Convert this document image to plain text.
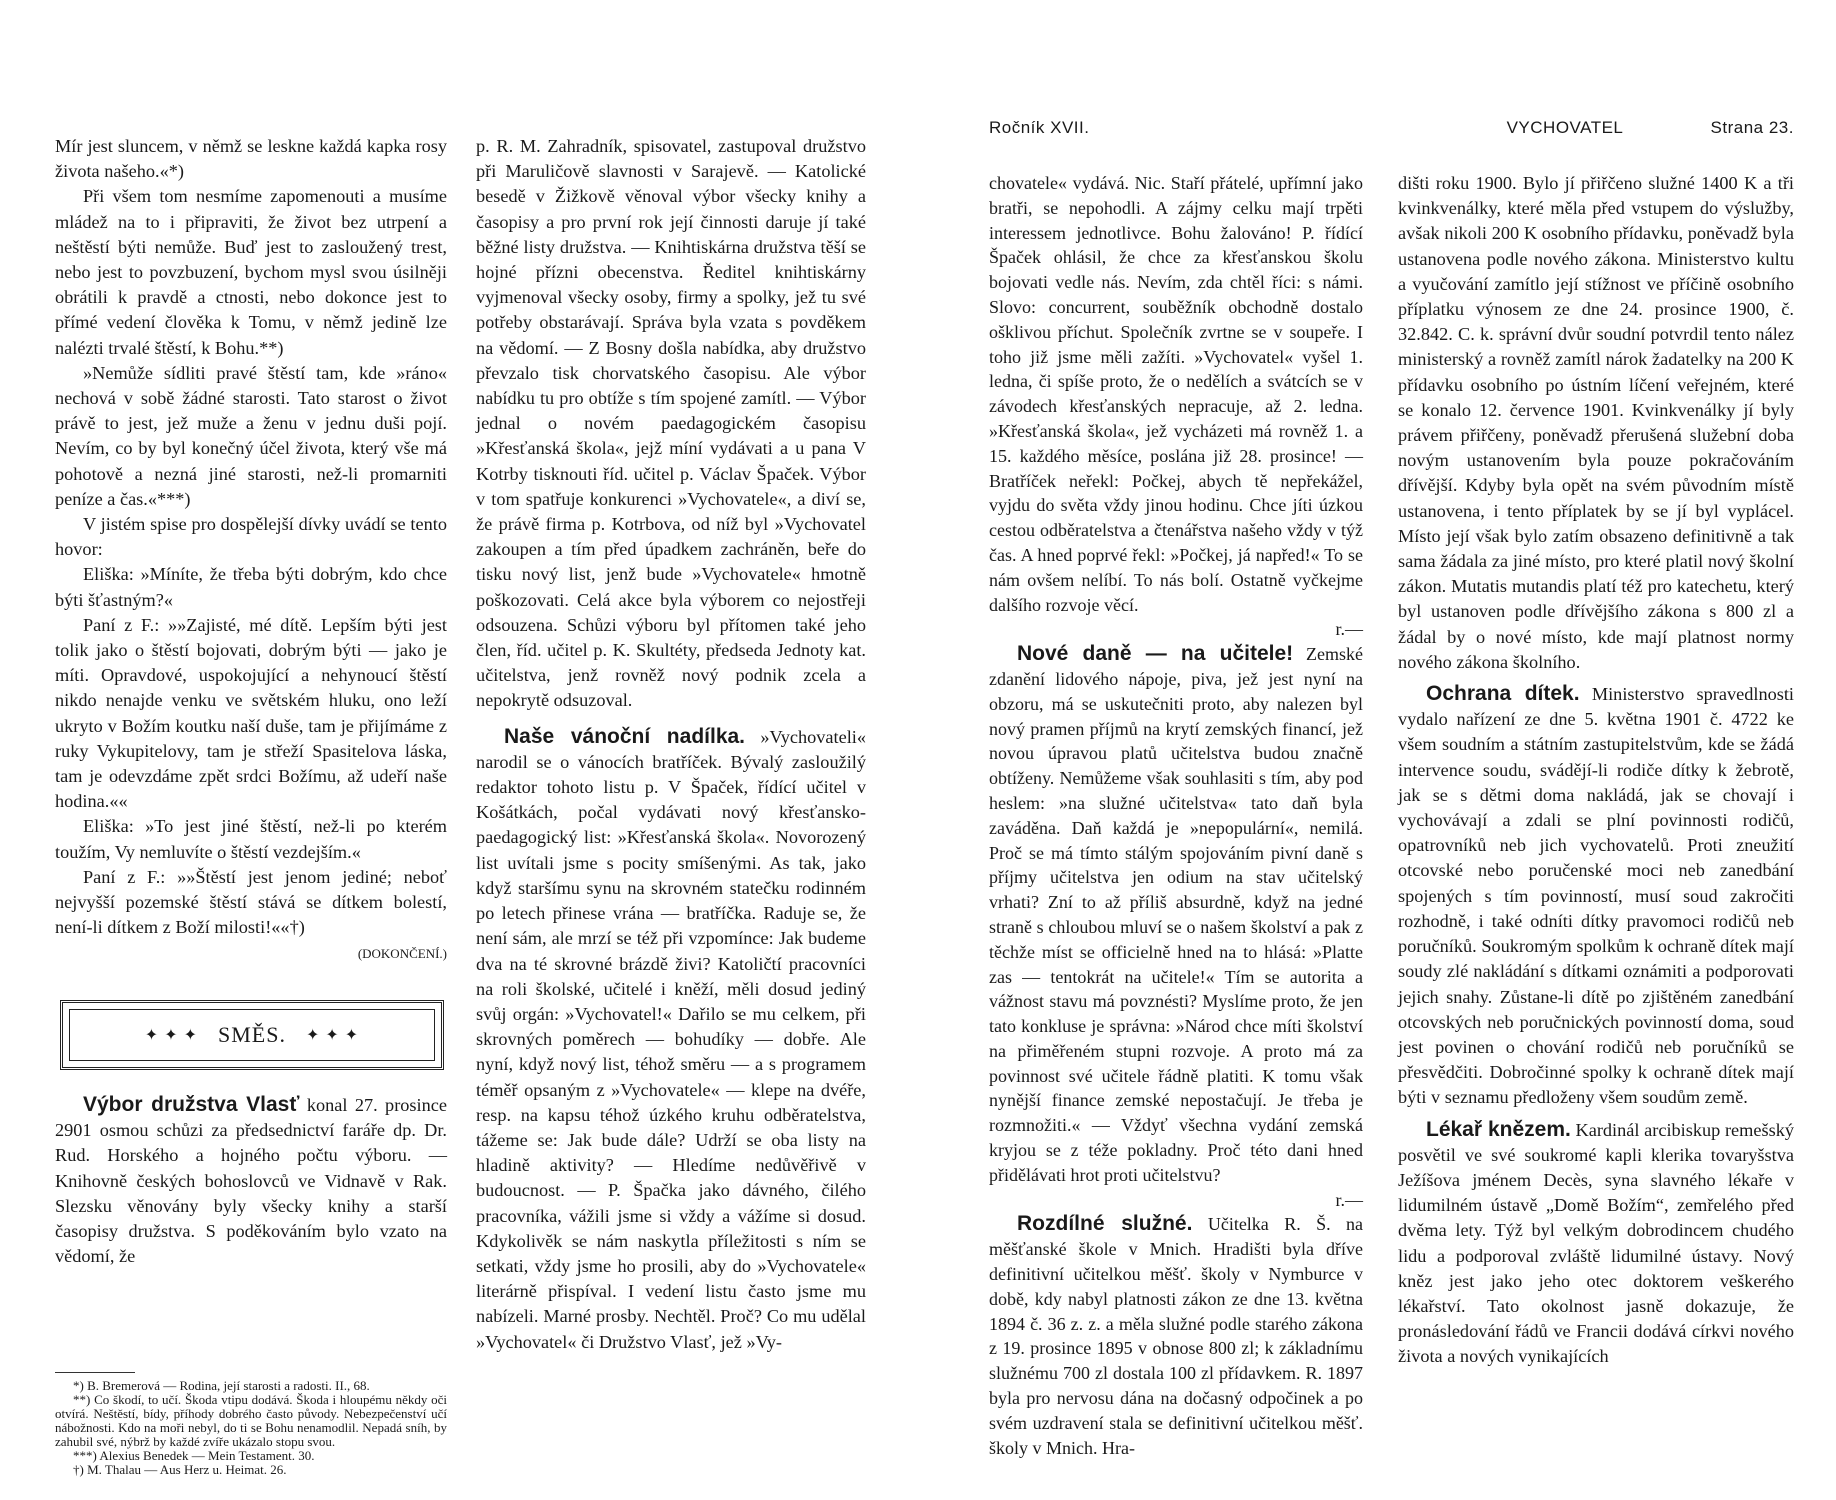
Mír jest sluncem, v němž se leskne každá kapka rosy života našeho.«*)

Při všem tom nesmíme zapomenouti a musíme mládež na to i připraviti, že život bez utrpení a neštěstí býti nemůže. Buď jest to zasloužený trest, nebo jest to povzbuzení, bychom mysl svou úsilněji obrátili k pravdě a ctnosti, nebo dokonce jest to přímé vedení člověka k Tomu, v němž jedině lze nalézti trvalé štěstí, k Bohu.**)

»Nemůže sídliti pravé štěstí tam, kde »ráno« nechová v sobě žádné starosti. Tato starost o život právě to jest, jež muže a ženu v jednu duši pojí. Nevím, co by byl konečný účel života, který vše má pohotově a nezná jiné starosti, než-li promarniti peníze a čas.«***)

V jistém spise pro dospělejší dívky uvádí se tento hovor:

Eliška: »Míníte, že třeba býti dobrým, kdo chce býti šťastným?«

Paní z F.: »»Zajisté, mé dítě. Lepším býti jest tolik jako o štěstí bojovati, dobrým býti — jako je míti. Opravdové, uspokojující a nehynoucí štěstí nikdo nenajde venku ve světském hluku, ono leží ukryto v Božím koutku naší duše, tam je přijímáme z ruky Vykupitelovy, tam je střeží Spasitelova láska, tam je odevzdáme zpět srdci Božímu, až udeří naše hodina.««

Eliška: »To jest jiné štěstí, než-li po kterém toužím, Vy nemluvíte o štěstí vezdejším.«

Paní z F.: »»Štěstí jest jenom jediné; neboť nejvyšší pozemské štěstí stává se dítkem bolestí, není-li dítkem z Boží milosti!««†)

(DOKONČENÍ.)

✦ ✦ ✦ SMĚS. ✦ ✦ ✦

Výbor družstva Vlasť konal 27. prosince 2901 osmou schůzi za předsednictví faráře dp. Dr. Rud. Horského a hojného počtu výboru. — Knihovně českých bohoslovců ve Vidnavě v Rak. Slezsku věnovány byly všecky knihy a starší časopisy družstva. S poděkováním bylo vzato na vědomí, že

*) B. Bremerová — Rodina, její starosti a radosti. II., 68.

**) Co škodí, to učí. Škoda vtipu dodává. Škoda i hloupému někdy oči otvírá. Neštěstí, bídy, příhody dobrého často původy. Nebezpečenství učí nábožnosti. Kdo na moři nebyl, do ti se Bohu nenamodlil. Nepadá sníh, by zahubil své, nýbrž by každé zvíře ukázalo stopu svou.

***) Alexius Benedek — Mein Testament. 30.

†) M. Thalau — Aus Herz u. Heimat. 26.

p. R. M. Zahradník, spisovatel, zastupoval družstvo při Maruličově slavnosti v Sarajevě. — Katolické besedě v Žižkově věnoval výbor všecky knihy a časopisy a pro první rok její činnosti daruje jí také běžné listy družstva. — Knihtiskárna družstva těší se hojné přízni obecenstva. Ředitel knihtiskárny vyjmenoval všecky osoby, firmy a spolky, jež tu své potřeby obstarávají. Správa byla vzata s povděkem na vědomí. — Z Bosny došla nabídka, aby družstvo převzalo tisk chorvatského časopisu. Ale výbor nabídku tu pro obtíže s tím spojené zamítl. — Výbor jednal o novém paedagogickém časopisu »Křesťanská škola«, jejž míní vydávati a u pana V Kotrby tisknouti říd. učitel p. Václav Špaček. Výbor v tom spatřuje konkurenci »Vychovatele«, a diví se, že právě firma p. Kotrbova, od níž byl »Vychovatel zakoupen a tím před úpadkem zachráněn, beře do tisku nový list, jenž bude »Vychovatele« hmotně poškozovati. Celá akce byla výborem co nejostřeji odsouzena. Schůzi výboru byl přítomen také jeho člen, říd. učitel p. K. Skultéty, předseda Jednoty kat. učitelstva, jenž rovněž nový podnik zcela a nepokrytě odsuzoval.

Naše vánoční nadílka. »Vychovateli« narodil se o vánocích bratříček. Bývalý zasloužilý redaktor tohoto listu p. V Špaček, řídící učitel v Košátkách, počal vydávati nový křesťansko-paedagogický list: »Křesťanská škola«. Novorozený list uvítali jsme s pocity smíšenými. As tak, jako když staršímu synu na skrovném statečku rodinném po letech přinese vrána — bratříčka. Raduje se, že není sám, ale mrzí se též při vzpomínce: Jak budeme dva na té skrovné brázdě živi? Katoličtí pracovníci na roli školské, učitelé i kněží, měli dosud jediný svůj orgán: »Vychovatel!« Dařilo se mu celkem, při skrovných poměrech — bohudíky — dobře. Ale nyní, když nový list, téhož směru — a s programem téměř opsaným z »Vychovatele« — klepe na dvéře, resp. na kapsu téhož úzkého kruhu odběratelstva, tážeme se: Jak bude dále? Udrží se oba listy na hladině aktivity? — Hledíme nedůvěřivě v budoucnost. — P. Špačka jako dávného, čilého pracovníka, vážili jsme si vždy a vážíme si dosud. Kdykolivěk se nám naskytla příležitosti s ním se setkati, vždy jsme ho prosili, aby do »Vychovatele« literárně přispíval. I vedení listu často jsme mu nabízeli. Marné prosby. Nechtěl. Proč? Co mu udělal »Vychovatel« či Družstvo Vlasť, jež »Vy-

Ročník XVII.	VYCHOVATEL	Strana 23.

chovatele« vydává. Nic. Staří přátelé, upřímní jako bratři, se nepohodli. A zájmy celku mají trpěti interessem jednotlivce. Bohu žalováno! P. řídící Špaček ohlásil, že chce za křesťanskou školu bojovati vedle nás. Nevím, zda chtěl říci: s námi. Slovo: concurrent, souběžník obchodně dostalo ošklivou příchut. Společník zvrtne se v soupeře. I toho již jsme měli zažíti. »Vychovatel« vyšel 1. ledna, či spíše proto, že o nedělích a svátcích se v závodech křesťanských nepracuje, až 2. ledna. »Křesťanská škola«, jež vycházeti má rovněž 1. a 15. každého měsíce, poslána již 28. prosince! — Bratříček neřekl: Počkej, abych tě nepřekážel, vyjdu do světa vždy jinou hodinu. Chce jíti úzkou cestou odběratelstva a čtenářstva našeho vždy v týž čas. A hned poprvé řekl: »Počkej, já napřed!« To se nám ovšem nelíbí. To nás bolí. Ostatně vyčkejme dalšího rozvoje věcí.

r.—

Nové daně — na učitele! Zemské zdanění lidového nápoje, piva, jež jest nyní na obzoru, má se uskutečniti proto, aby nalezen byl nový pramen příjmů na krytí zemských financí, jež novou úpravou platů učitelstva budou značně obtíženy. Nemůžeme však souhlasiti s tím, aby pod heslem: »na služné učitelstva« tato daň byla zaváděna. Daň každá je »nepopulární«, nemilá. Proč se má tímto stálým spojováním pivní daně s příjmy učitelstva jen odium na stav učitelský vrhati? Zní to až příliš absurdně, když na jedné straně s chloubou mluví se o našem školství a pak z těchže míst se officielně hned na to hlásá: »Platte zas — tentokrát na učitele!« Tím se autorita a vážnost stavu má povznésti? Myslíme proto, že jen tato konkluse je správna: »Národ chce míti školství na přiměřeném stupni rozvoje. A proto má za povinnost své učitele řádně platiti. K tomu však nynější finance zemské nepostačují. Je třeba je rozmnožiti.« — Vždyť všechna vydání zemská kryjou se z téže pokladny. Proč této dani hned přidělávati hrot proti učitelstvu?

r.—

Rozdílné služné. Učitelka R. Š. na měšťanské škole v Mnich. Hradišti byla dříve definitivní učitelkou měšť. školy v Nymburce v době, kdy nabyl platnosti zákon ze dne 13. května 1894 č. 36 z. z. a měla služné podle starého zákona z 19. prosince 1895 v obnose 800 zl; k základnímu služnému 700 zl dostala 100 zl přídavkem. R. 1897 byla pro nervosu dána na dočasný odpočinek a po svém uzdravení stala se definitivní učitelkou měšť. školy v Mnich. Hra-

dišti roku 1900. Bylo jí přiřčeno služné 1400 K a tři kvinkvenálky, které měla před vstupem do výslužby, avšak nikoli 200 K osobního přídavku, poněvadž byla ustanovena podle nového zákona. Ministerstvo kultu a vyučování zamítlo její stížnost ve příčině osobního příplatku výnosem ze dne 24. prosince 1900, č. 32.842. C. k. správní dvůr soudní potvrdil tento nález ministerský a rovněž zamítl nárok žadatelky na 200 K přídavku osobního po ústním líčení veřejném, které se konalo 12. července 1901. Kvinkvenálky jí byly právem přiřčeny, poněvadž přerušená služební doba novým ustanovením byla pouze pokračováním dřívější. Kdyby byla opět na svém původním místě ustanovena, i tento příplatek by se jí byl vyplácel. Místo její však bylo zatím obsazeno definitivně a tak sama žádala za jiné místo, pro které platil nový školní zákon. Mutatis mutandis platí též pro katechetu, který byl ustanoven podle dřívějšího zákona s 800 zl a žádal by o nové místo, kde mají platnost normy nového zákona školního.

Ochrana dítek. Ministerstvo spravedlnosti vydalo nařízení ze dne 5. května 1901 č. 4722 ke všem soudním a státním zastupitelstvům, kde se žádá intervence soudu, svádějí-li rodiče dítky k žebrotě, jak se s dětmi doma nakládá, jak se chovají i vychovávají a zdali se plní povinnosti rodičů, opatrovníků neb jich vychovatelů. Proti zneužití otcovské nebo poručenské moci neb zanedbání spojených s tím povinností, musí soud zakročiti rozhodně, i také odníti dítky pravomoci rodičů neb poručníků. Soukromým spolkům k ochraně dítek mají soudy zlé nakládání s dítkami oznámiti a podporovati jejich snahy. Zůstane-li dítě po zjištěném zanedbání otcovských neb poručnických povinností doma, soud jest povinen o chování rodičů neb poručníků se přesvědčiti. Dobročinné spolky k ochraně dítek mají býti v seznamu předloženy všem soudům země.

Lékař knězem. Kardinál arcibiskup remešský posvětil ve své soukromé kapli klerika tovaryšstva Ježíšova jménem Decès, syna slavného lékaře v lidumilném ústavě „Domě Božím“, zemřelého před dvěma lety. Týž byl velkým dobrodincem chudého lidu a podporoval zvláště lidumilné ústavy. Nový kněz jest jako jeho otec doktorem veškerého lékařství. Tato okolnost jasně dokazuje, že pronásledování řádů ve Francii dodává církvi nového života a nových vynikajících
